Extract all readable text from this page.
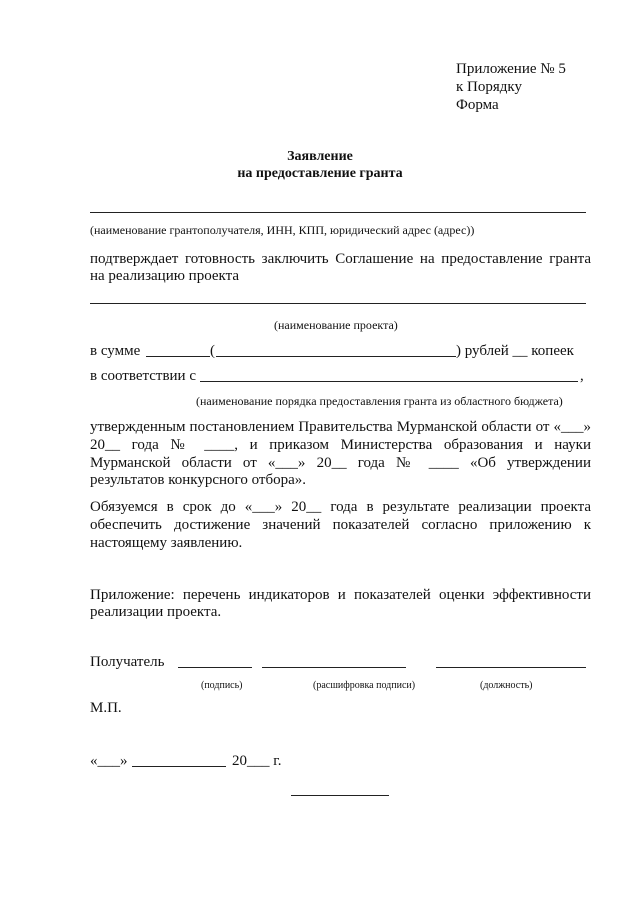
Приложение № 5
к Порядку
Форма
Заявление
на предоставление гранта
(наименование грантополучателя, ИНН, КПП, юридический адрес (адрес))
подтверждает готовность заключить Соглашение на предоставление гранта
на реализацию проекта
(наименование проекта)
в сумме	(	) рублей __ копеек
в соответствии с	,
(наименование порядка предоставления гранта из областного бюджета)
утвержденным постановлением Правительства Мурманской области от «___»
20__ года № ____, и приказом Министерства образования и науки
Мурманской области от «___» 20__ года № ____ «Об утверждении
результатов конкурсного отбора».
Обязуемся в срок до «___» 20__ года в результате реализации проекта
обеспечить достижение значений показателей согласно приложению к
настоящему заявлению.
Приложение: перечень индикаторов и показателей оценки эффективности
реализации проекта.
Получатель
(подпись)	(расшифровка подписи)	(должность)
М.П.
«___»	20___ г.
